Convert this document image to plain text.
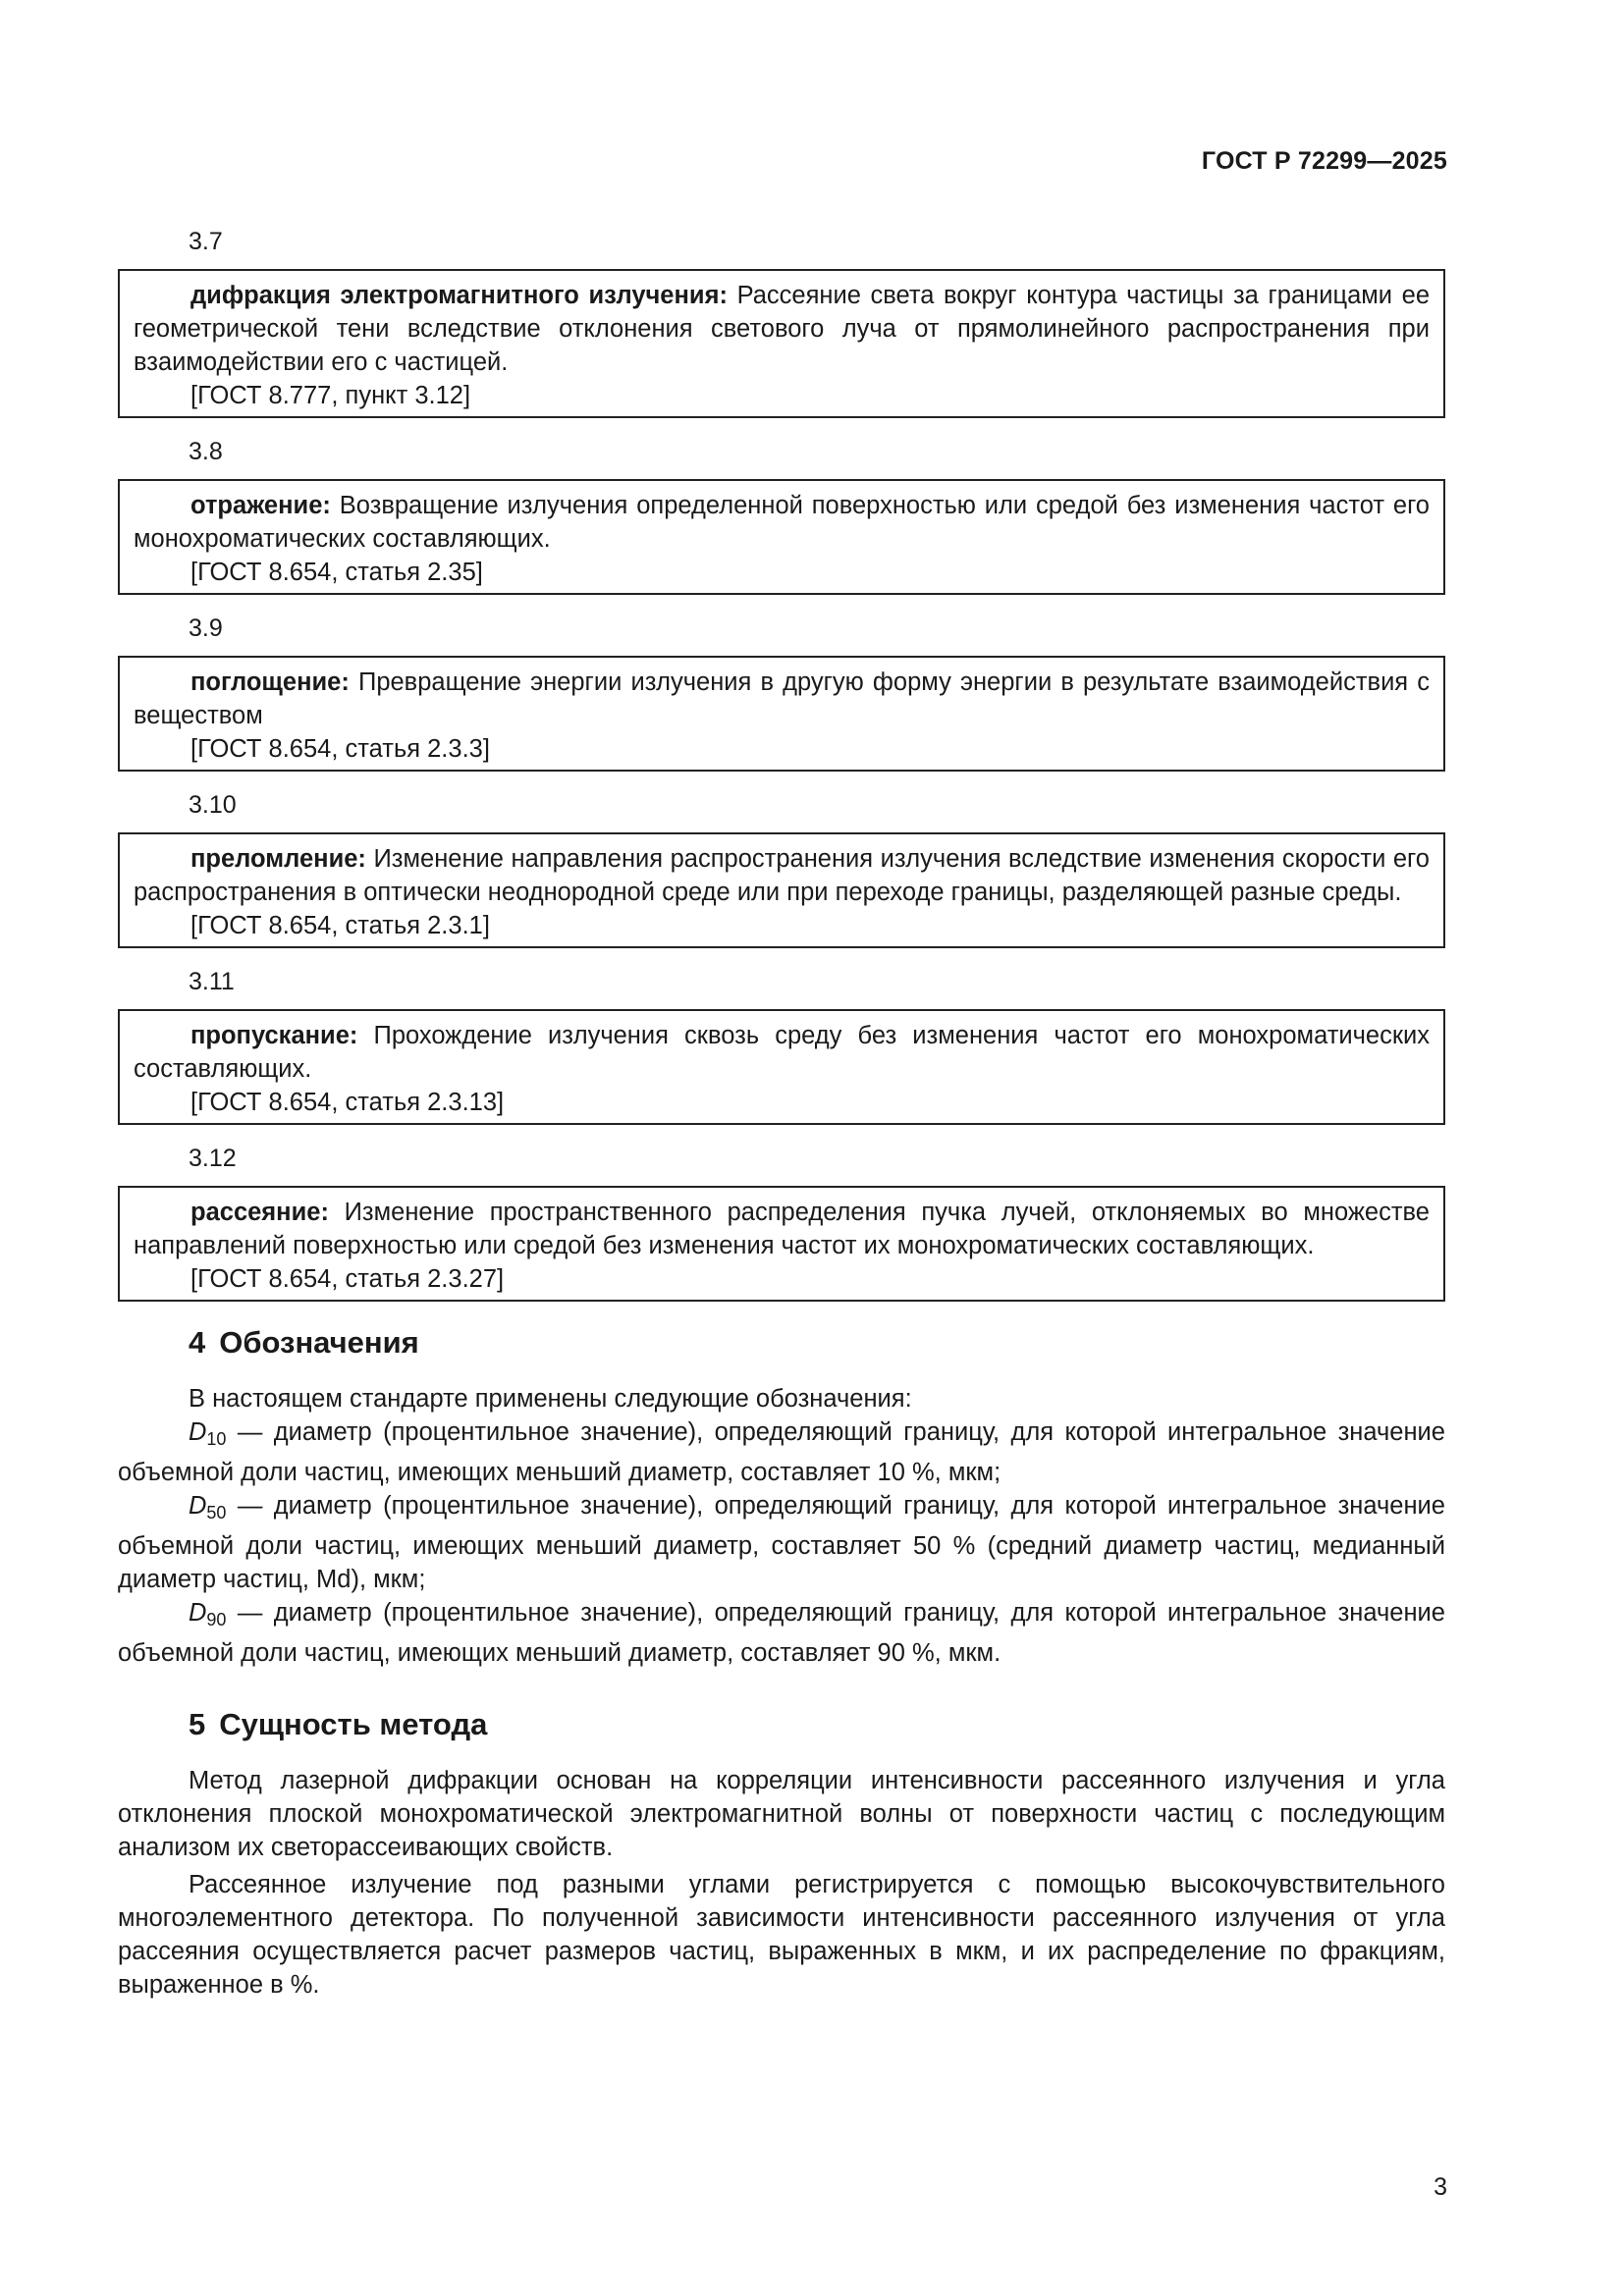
ГОСТ Р 72299—2025
3.7

дифракция электромагнитного излучения: Рассеяние света вокруг контура частицы за границами ее геометрической тени вследствие отклонения светового луча от прямолинейного распространения при взаимодействии его с частицей.

[ГОСТ 8.777, пункт 3.12]

3.8

отражение: Возвращение излучения определенной поверхностью или средой без изменения частот его монохроматических составляющих.

[ГОСТ 8.654, статья 2.35]

3.9

поглощение: Превращение энергии излучения в другую форму энергии в результате взаимодействия с веществом

[ГОСТ 8.654, статья 2.3.3]

3.10

преломление: Изменение направления распространения излучения вследствие изменения скорости его распространения в оптически неоднородной среде или при переходе границы, разделяющей разные среды.

[ГОСТ 8.654, статья 2.3.1]

3.11

пропускание: Прохождение излучения сквозь среду без изменения частот его монохроматических составляющих.

[ГОСТ 8.654, статья 2.3.13]

3.12

рассеяние: Изменение пространственного распределения пучка лучей, отклоняемых во множестве направлений поверхностью или средой без изменения частот их монохроматических составляющих.

[ГОСТ 8.654, статья 2.3.27]

4 Обозначения

В настоящем стандарте применены следующие обозначения:

$D_{10}$ — диаметр (процентильное значение), определяющий границу, для которой интегральное значение объемной доли частиц, имеющих меньший диаметр, составляет 10 %, мкм;

$D_{50}$ — диаметр (процентильное значение), определяющий границу, для которой интегральное значение объемной доли частиц, имеющих меньший диаметр, составляет 50 % (средний диаметр частиц, медианный диаметр частиц, Md), мкм;

$D_{90}$ — диаметр (процентильное значение), определяющий границу, для которой интегральное значение объемной доли частиц, имеющих меньший диаметр, составляет 90 %, мкм.

5 Сущность метода

Метод лазерной дифракции основан на корреляции интенсивности рассеянного излучения и угла отклонения плоской монохроматической электромагнитной волны от поверхности частиц с последующим анализом их светорассеивающих свойств.

Рассеянное излучение под разными углами регистрируется с помощью высокочувствительного многоэлементного детектора. По полученной зависимости интенсивности рассеянного излучения от угла рассеяния осуществляется расчет размеров частиц, выраженных в мкм, и их распределение по фракциям, выраженное в %.

3
